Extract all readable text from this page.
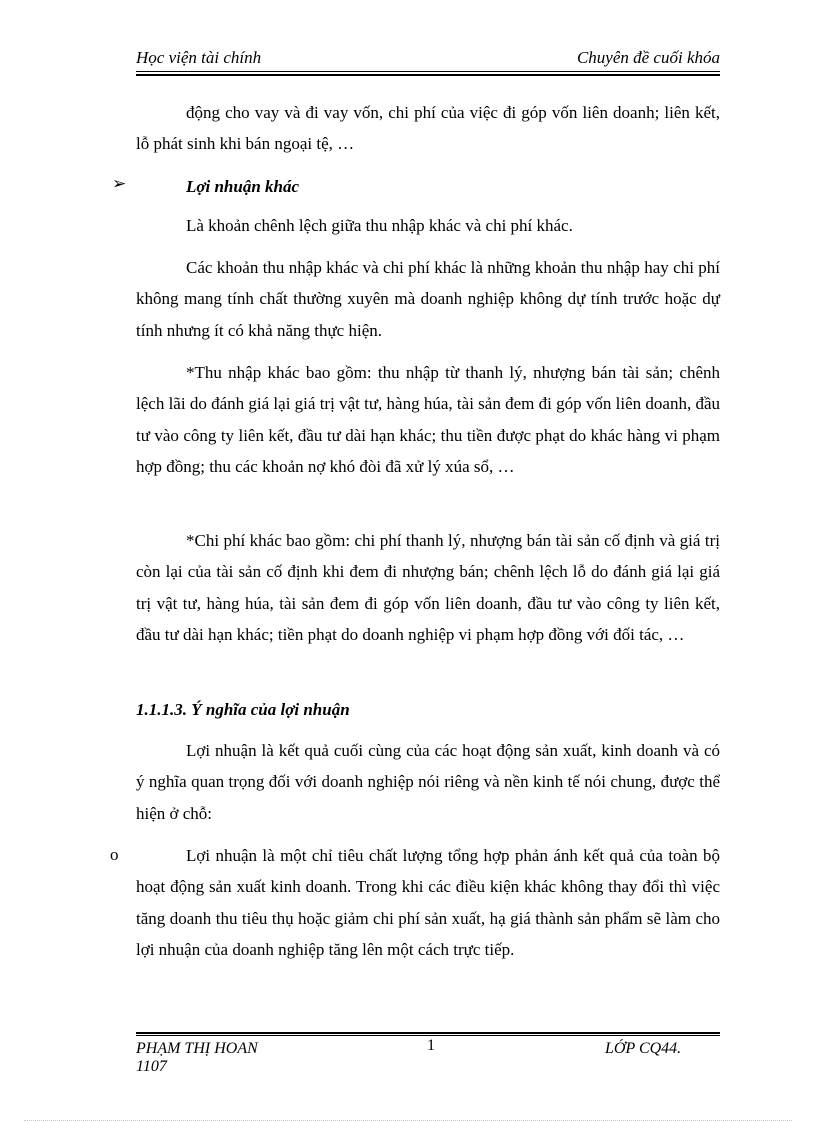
Học viện tài chính	Chuyên đề cuối khóa

động cho vay và đi vay vốn, chi phí của việc đi góp vốn liên doanh; liên kết, lỗ phát sinh khi bán ngoại tệ, …

➢	Lợi nhuận khác

Là khoản chênh lệch giữa thu nhập khác và chi phí khác.

Các khoản thu nhập khác và chi phí khác là những khoản thu nhập hay chi phí không mang tính chất thường xuyên mà doanh nghiệp không dự tính trước hoặc dự tính nhưng ít có khả năng thực hiện.

*Thu nhập khác bao gồm: thu nhập từ thanh lý, nhượng bán tài sản; chênh lệch lãi do đánh giá lại giá trị vật tư, hàng húa, tài sản đem đi góp vốn liên doanh, đầu tư vào công ty liên kết, đầu tư dài hạn khác; thu tiền được phạt do khác hàng vi phạm hợp đồng; thu các khoản nợ khó đòi đã xử lý xúa sổ, …

*Chi phí khác bao gồm: chi phí thanh lý, nhượng bán tài sản cố định và giá trị còn lại của tài sản cố định khi đem đi nhượng bán; chênh lệch lỗ do đánh giá lại giá trị vật tư, hàng húa, tài sản đem đi góp vốn liên doanh, đầu tư vào công ty liên kết, đầu tư dài hạn khác; tiền phạt do doanh nghiệp vi phạm hợp đồng với đối tác, …

1.1.1.3. Ý nghĩa của lợi nhuận

Lợi nhuận là kết quả cuối cùng của các hoạt động sản xuất, kinh doanh và có ý nghĩa quan trọng đối với doanh nghiệp nói riêng và nền kinh tế nói chung, được thể hiện ở chỗ:

o	Lợi nhuận là một chỉ tiêu chất lượng tổng hợp phản ánh kết quả của toàn bộ hoạt động sản xuất kinh doanh. Trong khi các điều kiện khác không thay đổi thì việc tăng doanh thu tiêu thụ hoặc giảm chi phí sản xuất, hạ giá thành sản phẩm sẽ làm cho lợi nhuận của doanh nghiệp tăng lên một cách trực tiếp.

PHẠM THỊ HOAN
1107
1	LỚP CQ44.
